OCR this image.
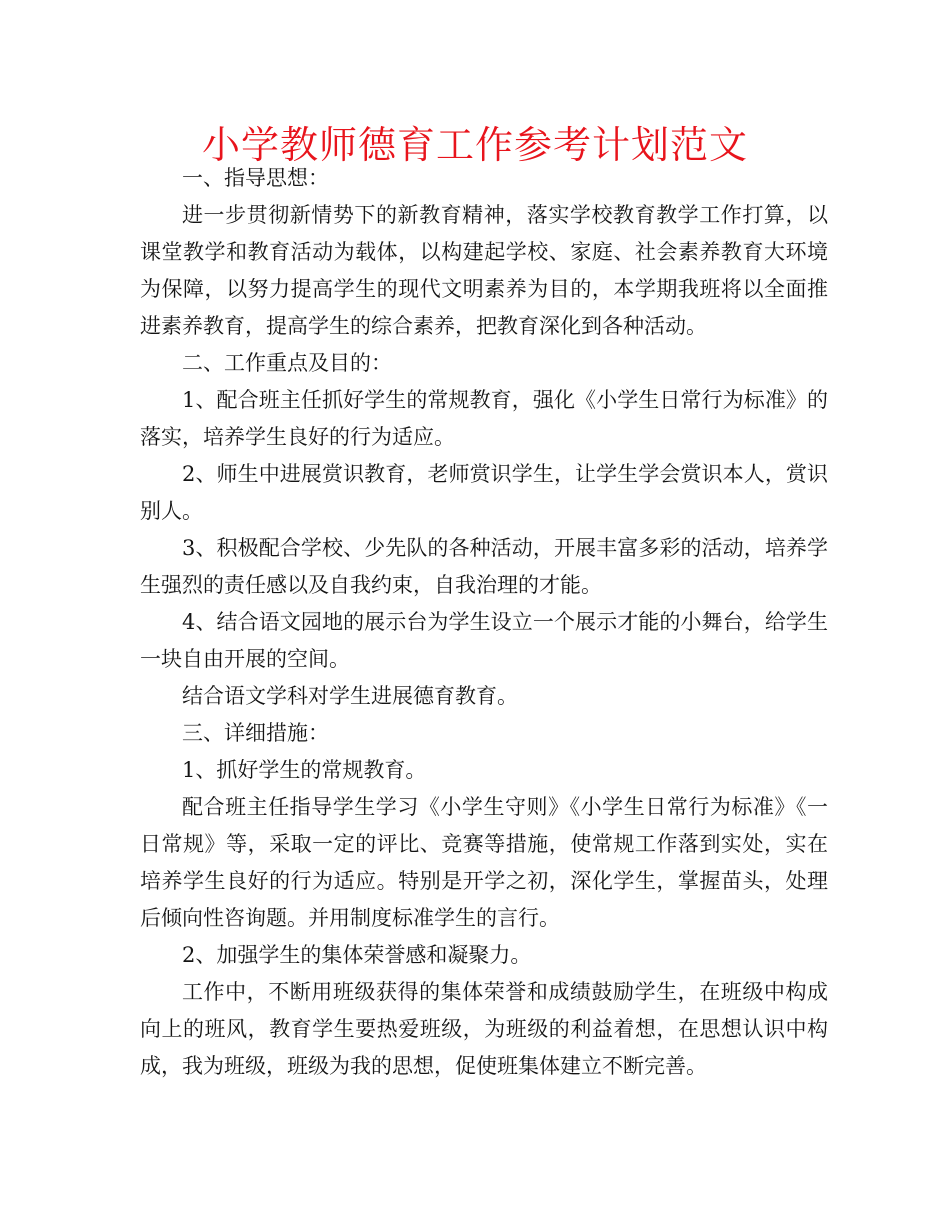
小学教师德育工作参考计划范文

一、指导思想：

进一步贯彻新情势下的新教育精神，落实学校教育教学工作打算，以课堂教学和教育活动为载体，以构建起学校、家庭、社会素养教育大环境为保障，以努力提高学生的现代文明素养为目的，本学期我班将以全面推进素养教育，提高学生的综合素养，把教育深化到各种活动。

二、工作重点及目的：

1、配合班主任抓好学生的常规教育，强化《小学生日常行为标准》的落实，培养学生良好的行为适应。

2、师生中进展赏识教育，老师赏识学生，让学生学会赏识本人，赏识别人。

3、积极配合学校、少先队的各种活动，开展丰富多彩的活动，培养学生强烈的责任感以及自我约束，自我治理的才能。

4、结合语文园地的展示台为学生设立一个展示才能的小舞台，给学生一块自由开展的空间。

结合语文学科对学生进展德育教育。

三、详细措施：

1、抓好学生的常规教育。

配合班主任指导学生学习《小学生守则》《小学生日常行为标准》《一日常规》等，采取一定的评比、竞赛等措施，使常规工作落到实处，实在培养学生良好的行为适应。特别是开学之初，深化学生，掌握苗头，处理后倾向性咨询题。并用制度标准学生的言行。

2、加强学生的集体荣誉感和凝聚力。

工作中，不断用班级获得的集体荣誉和成绩鼓励学生，在班级中构成向上的班风，教育学生要热爱班级，为班级的利益着想，在思想认识中构成，我为班级，班级为我的思想，促使班集体建立不断完善。
